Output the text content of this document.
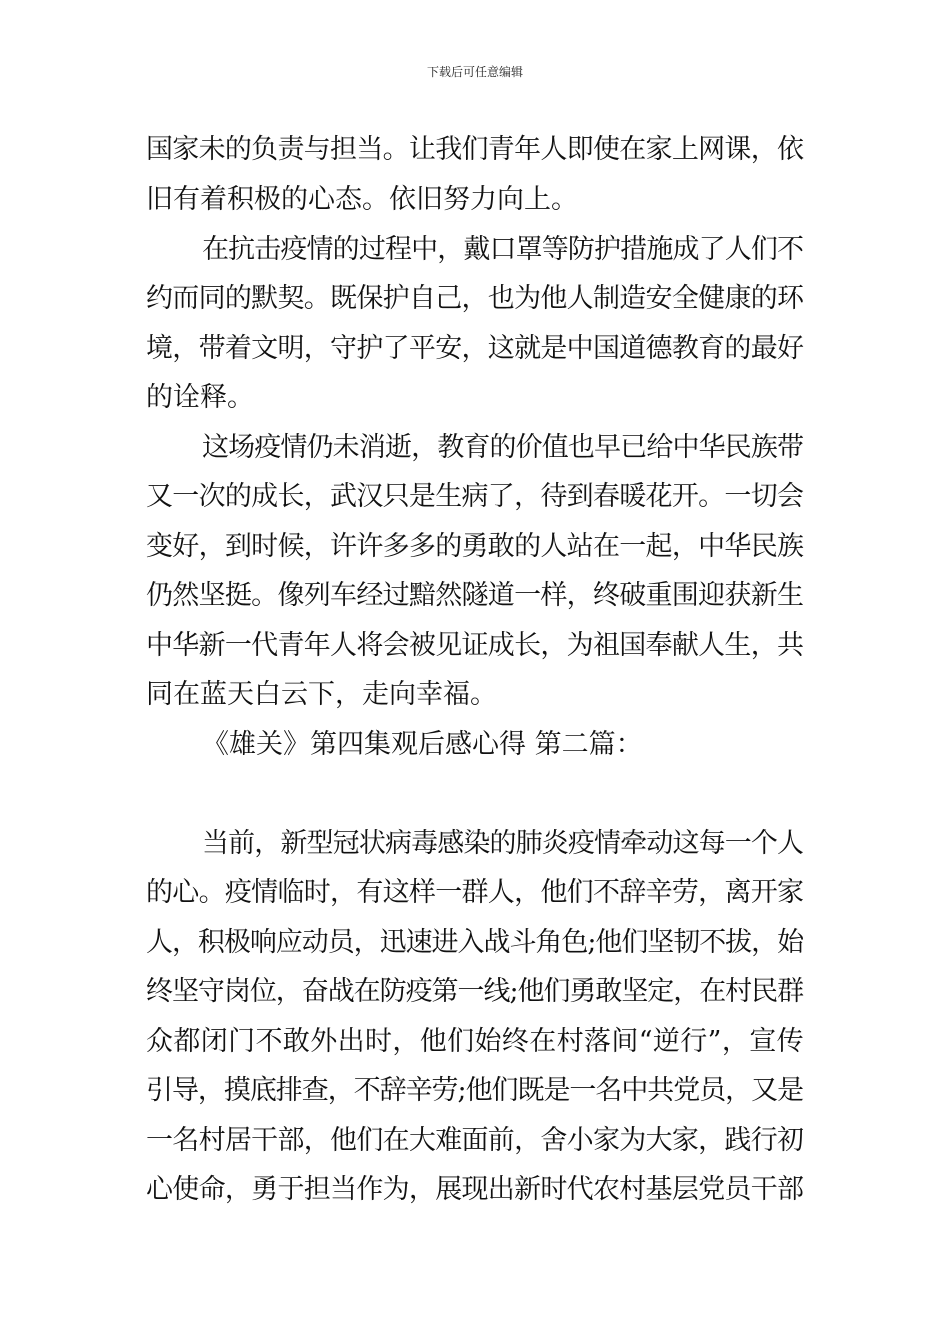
下载后可任意编辑
国家未的负责与担当。让我们青年人即使在家上网课，依
旧有着积极的心态。依旧努力向上。
在抗击疫情的过程中，戴口罩等防护措施成了人们不
约而同的默契。既保护自己，也为他人制造安全健康的环
境，带着文明，守护了平安，这就是中国道德教育的最好
的诠释。
这场疫情仍未消逝，教育的价值也早已给中华民族带
又一次的成长，武汉只是生病了，待到春暖花开。一切会
变好，到时候，许许多多的勇敢的人站在一起，中华民族
仍然坚挺。像列车经过黯然隧道一样，终破重围迎获新生
中华新一代青年人将会被见证成长，为祖国奉献人生，共
同在蓝天白云下，走向幸福。
《雄关》第四集观后感心得 第二篇：
当前，新型冠状病毒感染的肺炎疫情牵动这每一个人
的心。疫情临时，有这样一群人，他们不辞辛劳，离开家
人，积极响应动员，迅速进入战斗角色;他们坚韧不拔，始
终坚守岗位，奋战在防疫第一线;他们勇敢坚定，在村民群
众都闭门不敢外出时，他们始终在村落间“逆行”，宣传
引导，摸底排查，不辞辛劳;他们既是一名中共党员，又是
一名村居干部，他们在大难面前，舍小家为大家，践行初
心使命，勇于担当作为，展现出新时代农村基层党员干部
